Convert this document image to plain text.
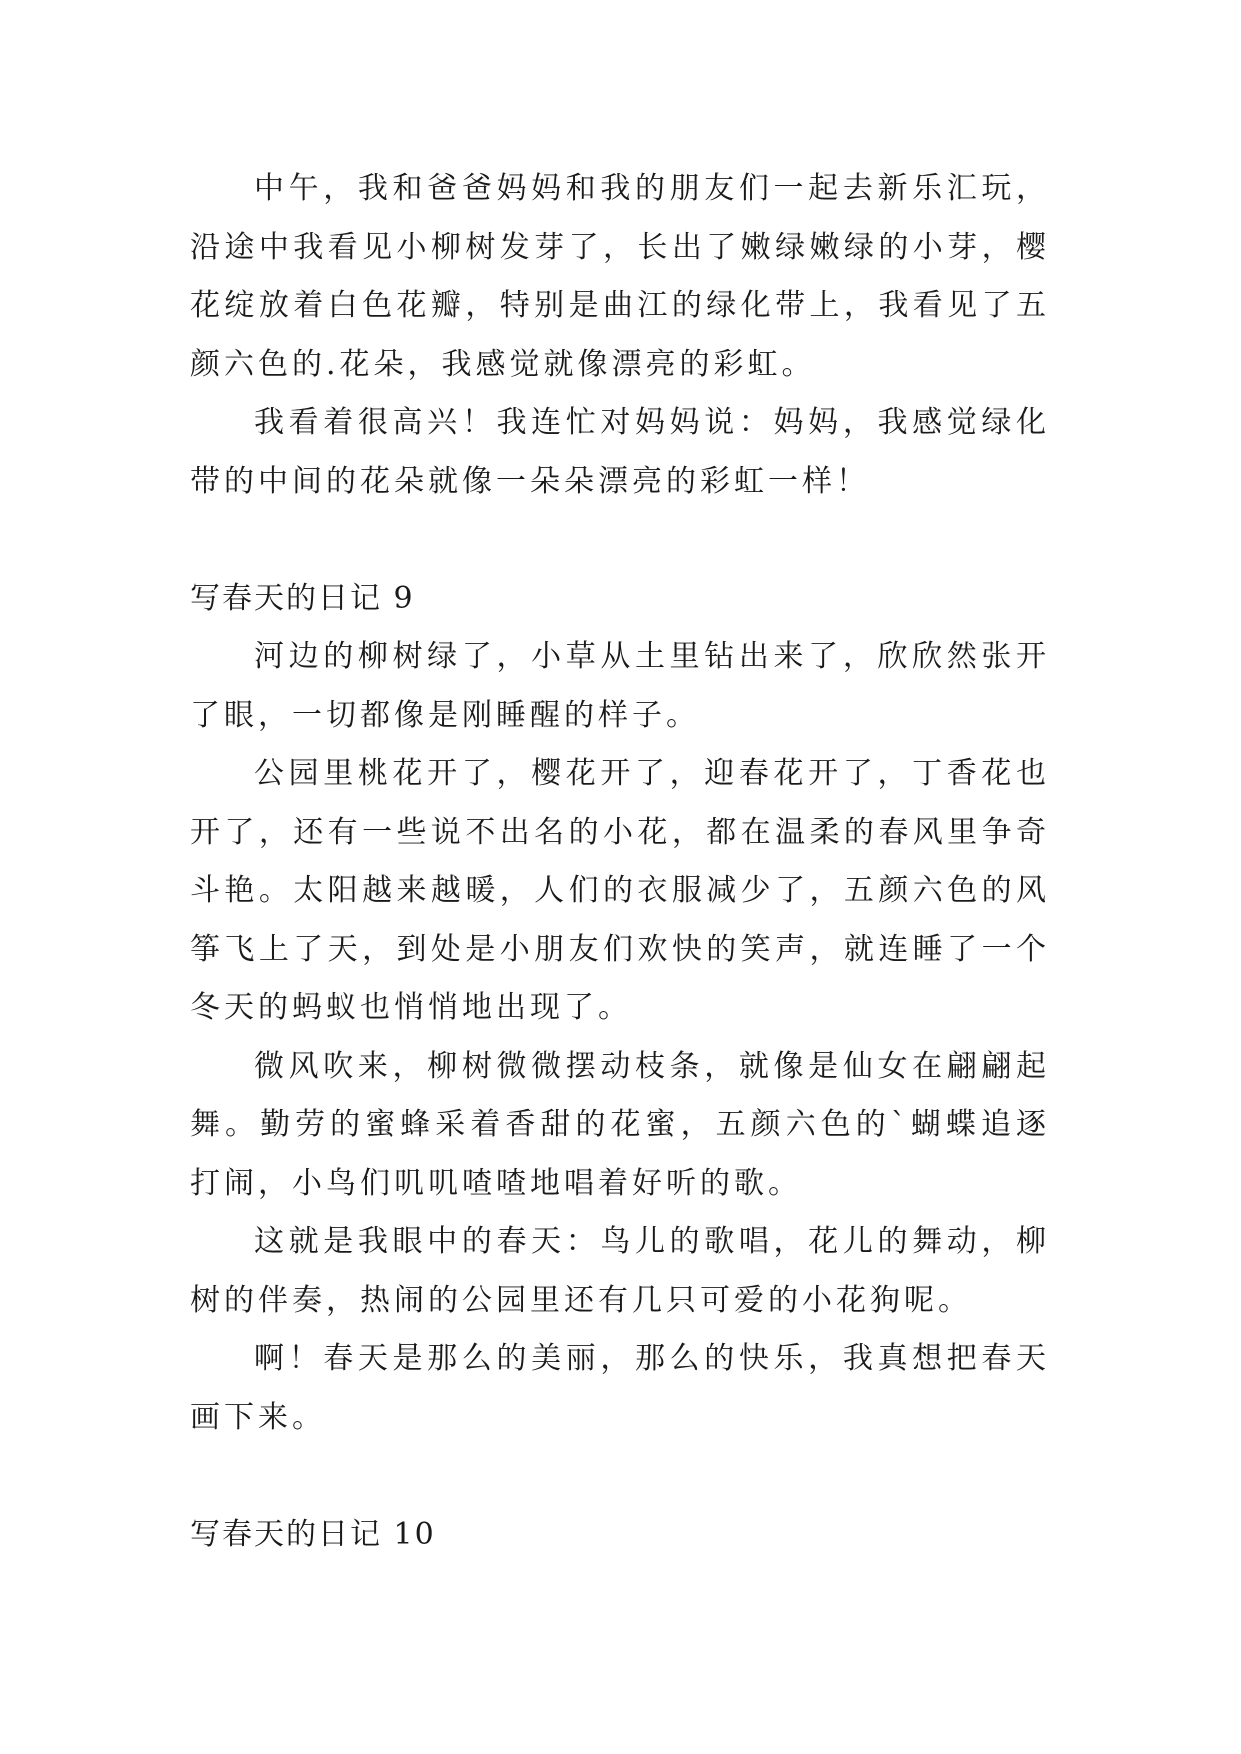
中午，我和爸爸妈妈和我的朋友们一起去新乐汇玩，沿途中我看见小柳树发芽了，长出了嫩绿嫩绿的小芽，樱花绽放着白色花瓣，特别是曲江的绿化带上，我看见了五颜六色的.花朵，我感觉就像漂亮的彩虹。

我看着很高兴！我连忙对妈妈说：妈妈，我感觉绿化带的中间的花朵就像一朵朵漂亮的彩虹一样！

写春天的日记 9

河边的柳树绿了，小草从土里钻出来了，欣欣然张开了眼，一切都像是刚睡醒的样子。

公园里桃花开了，樱花开了，迎春花开了，丁香花也开了，还有一些说不出名的小花，都在温柔的春风里争奇斗艳。太阳越来越暖，人们的衣服减少了，五颜六色的风筝飞上了天，到处是小朋友们欢快的笑声，就连睡了一个冬天的蚂蚁也悄悄地出现了。

微风吹来，柳树微微摆动枝条，就像是仙女在翩翩起舞。勤劳的蜜蜂采着香甜的花蜜，五颜六色的`蝴蝶追逐打闹，小鸟们叽叽喳喳地唱着好听的歌。

这就是我眼中的春天：鸟儿的歌唱，花儿的舞动，柳树的伴奏，热闹的公园里还有几只可爱的小花狗呢。

啊！春天是那么的美丽，那么的快乐，我真想把春天画下来。

写春天的日记 10
